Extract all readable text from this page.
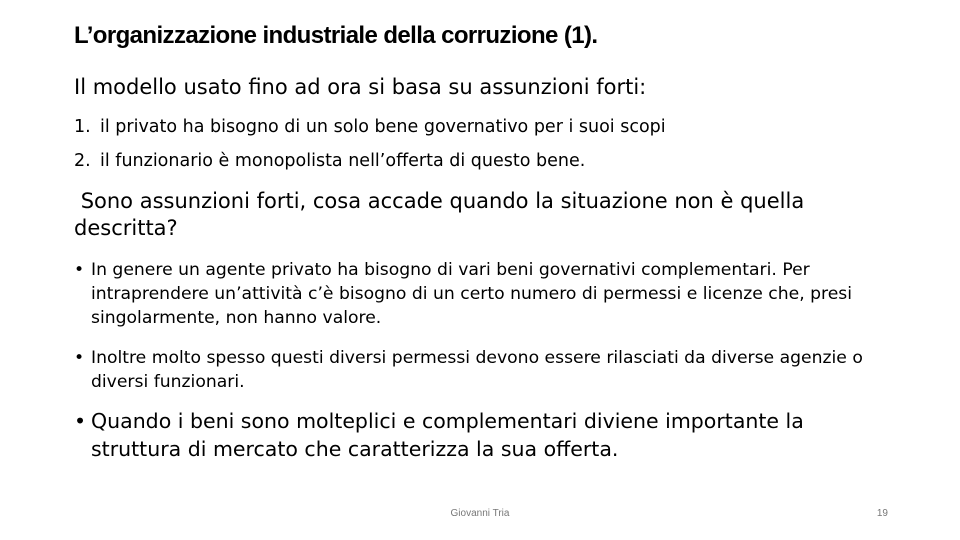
L’organizzazione industriale della corruzione (1).

Il modello usato fino ad ora si basa su assunzioni forti:

1. il privato ha bisogno di un solo bene governativo per i suoi scopi
2. il funzionario è monopolista nell’offerta di questo bene.

Sono assunzioni forti, cosa accade quando la situazione non è quella descritta?

• In genere un agente privato ha bisogno di vari beni governativi complementari. Per intraprendere un’attività c’è bisogno di un certo numero di permessi e licenze che, presi singolarmente, non hanno valore.
• Inoltre molto spesso questi diversi permessi devono essere rilasciati da diverse agenzie o diversi funzionari.
• Quando i beni sono molteplici e complementari diviene importante la struttura di mercato che caratterizza la sua offerta.
Giovanni Tria	19
